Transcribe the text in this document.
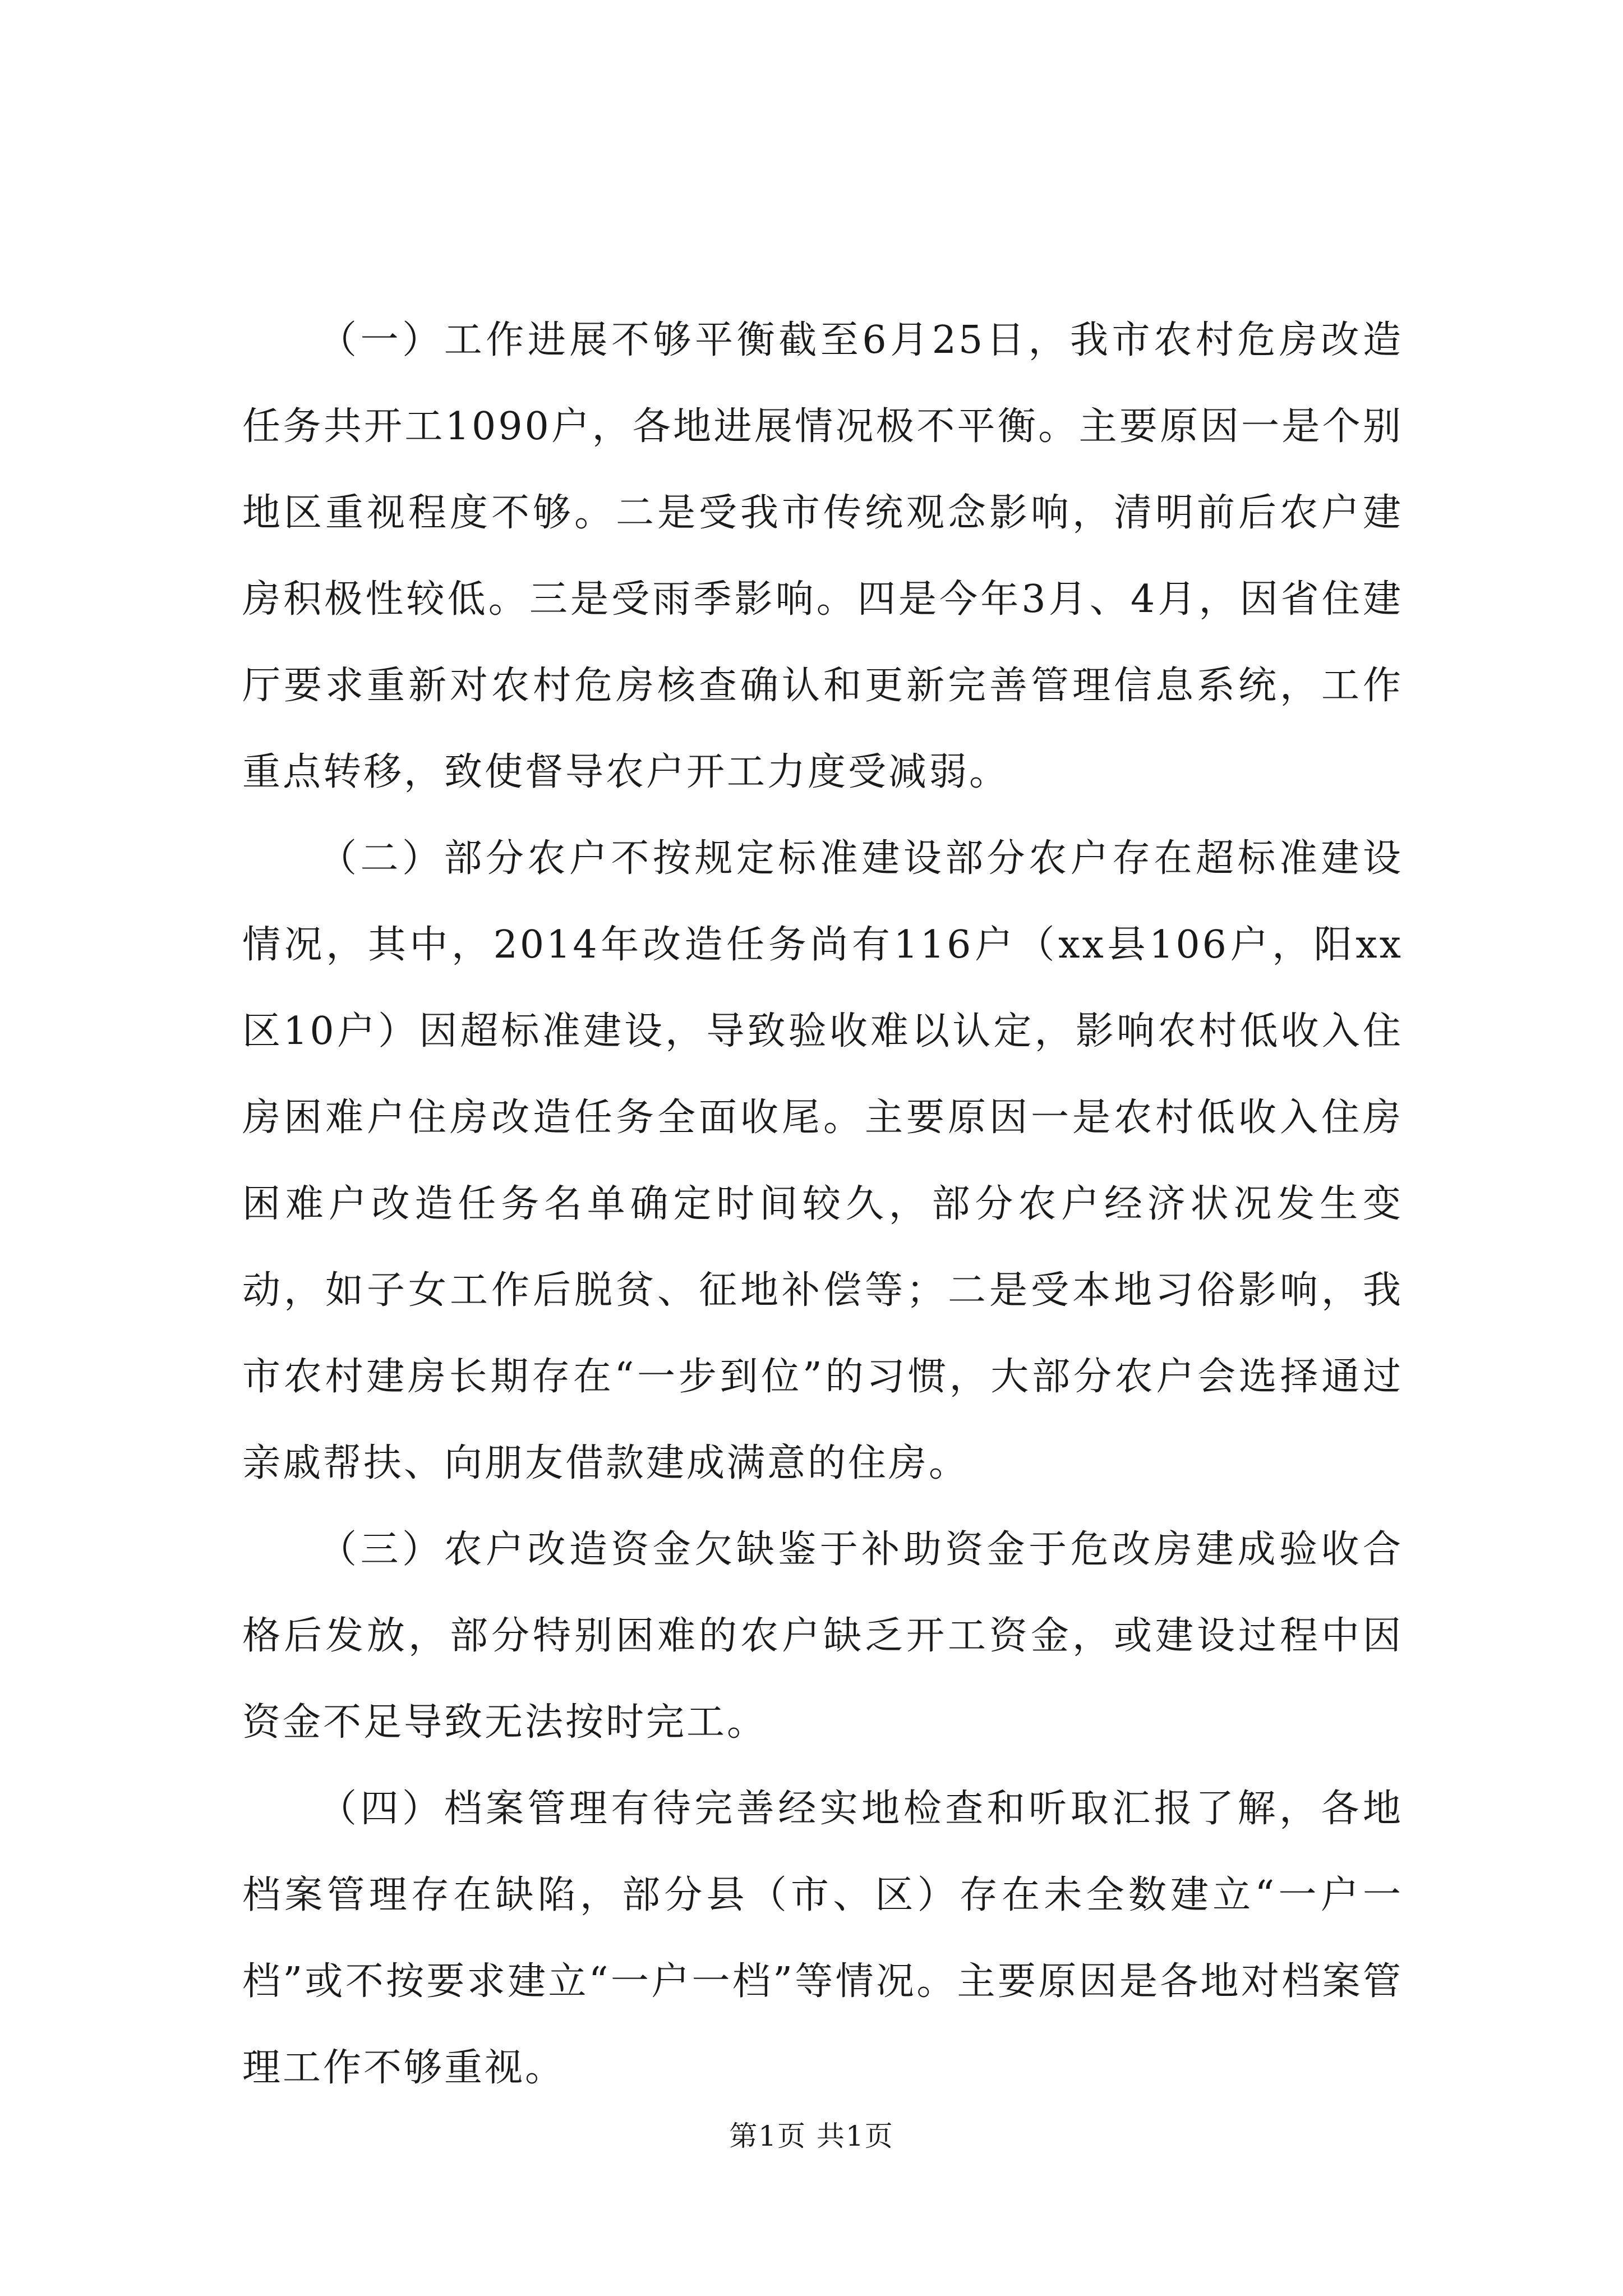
（一）工作进展不够平衡截至6月25日，我市农村危房改造任务共开工1090户，各地进展情况极不平衡。主要原因一是个别地区重视程度不够。二是受我市传统观念影响，清明前后农户建房积极性较低。三是受雨季影响。四是今年3月、4月，因省住建厅要求重新对农村危房核查确认和更新完善管理信息系统，工作重点转移，致使督导农户开工力度受减弱。

（二）部分农户不按规定标准建设部分农户存在超标准建设情况，其中，2014年改造任务尚有116户（xx县106户，阳xx区10户）因超标准建设，导致验收难以认定，影响农村低收入住房困难户住房改造任务全面收尾。主要原因一是农村低收入住房困难户改造任务名单确定时间较久，部分农户经济状况发生变动，如子女工作后脱贫、征地补偿等；二是受本地习俗影响，我市农村建房长期存在“一步到位”的习惯，大部分农户会选择通过亲戚帮扶、向朋友借款建成满意的住房。

（三）农户改造资金欠缺鉴于补助资金于危改房建成验收合格后发放，部分特别困难的农户缺乏开工资金，或建设过程中因资金不足导致无法按时完工。

（四）档案管理有待完善经实地检查和听取汇报了解，各地档案管理存在缺陷，部分县（市、区）存在未全数建立“一户一档”或不按要求建立“一户一档”等情况。主要原因是各地对档案管理工作不够重视。

第1页 共1页
